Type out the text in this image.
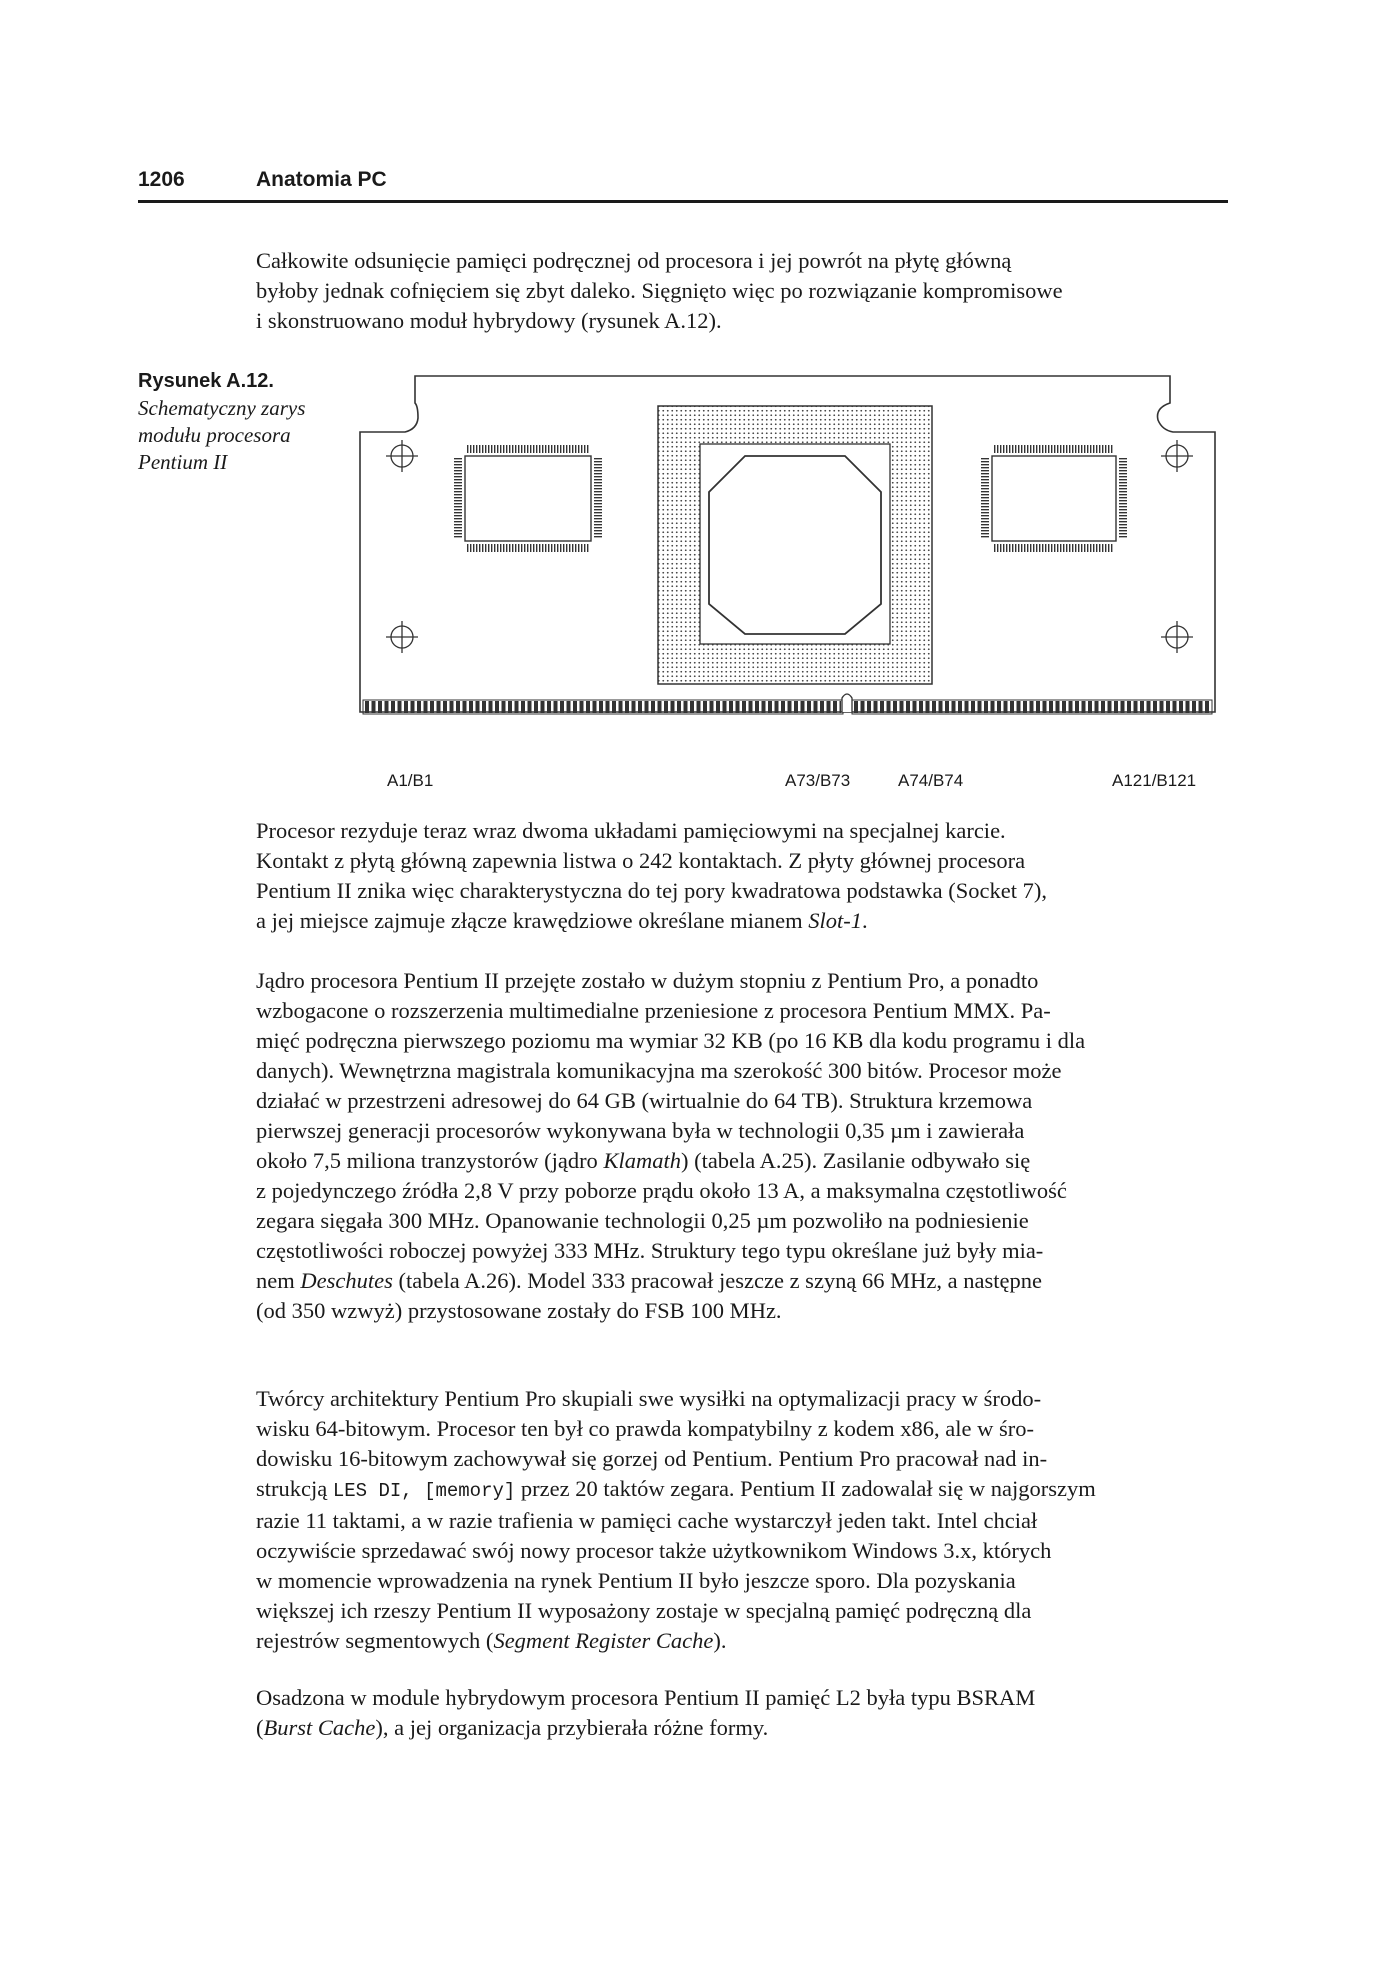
1206	Anatomia PC

Całkowite odsunięcie pamięci podręcznej od procesora i jej powrót na płytę główną

byłoby jednak cofnięciem się zbyt daleko. Sięgnięto więc po rozwiązanie kompromisowe

i skonstruowano moduł hybrydowy (rysunek A.12).

Rysunek A.12.
Schematyczny zarys
modułu procesora
Pentium II
A1/B1	A73/B73	A74/B74	A121/B121

Procesor rezyduje teraz wraz dwoma układami pamięciowymi na specjalnej karcie.

Kontakt z płytą główną zapewnia listwa o 242 kontaktach. Z płyty głównej procesora

Pentium II znika więc charakterystyczna do tej pory kwadratowa podstawka (Socket 7),

a jej miejsce zajmuje złącze krawędziowe określane mianem Slot-1.

Jądro procesora Pentium II przejęte zostało w dużym stopniu z Pentium Pro, a ponadto

wzbogacone o rozszerzenia multimedialne przeniesione z procesora Pentium MMX. Pa-

mięć podręczna pierwszego poziomu ma wymiar 32 KB (po 16 KB dla kodu programu i dla

danych). Wewnętrzna magistrala komunikacyjna ma szerokość 300 bitów. Procesor może

działać w przestrzeni adresowej do 64 GB (wirtualnie do 64 TB). Struktura krzemowa

pierwszej generacji procesorów wykonywana była w technologii 0,35 µm i zawierała

około 7,5 miliona tranzystorów (jądro Klamath) (tabela A.25). Zasilanie odbywało się

z pojedynczego źródła 2,8 V przy poborze prądu około 13 A, a maksymalna częstotliwość

zegara sięgała 300 MHz. Opanowanie technologii 0,25 µm pozwoliło na podniesienie

częstotliwości roboczej powyżej 333 MHz. Struktury tego typu określane już były mia-

nem Deschutes (tabela A.26). Model 333 pracował jeszcze z szyną 66 MHz, a następne

(od 350 wzwyż) przystosowane zostały do FSB 100 MHz.

Twórcy architektury Pentium Pro skupiali swe wysiłki na optymalizacji pracy w środo-

wisku 64-bitowym. Procesor ten był co prawda kompatybilny z kodem x86, ale w śro-

dowisku 16-bitowym zachowywał się gorzej od Pentium. Pentium Pro pracował nad in-

strukcją LES DI, [memory] przez 20 taktów zegara. Pentium II zadowalał się w najgorszym

razie 11 taktami, a w razie trafienia w pamięci cache wystarczył jeden takt. Intel chciał

oczywiście sprzedawać swój nowy procesor także użytkownikom Windows 3.x, których

w momencie wprowadzenia na rynek Pentium II było jeszcze sporo. Dla pozyskania

większej ich rzeszy Pentium II wyposażony zostaje w specjalną pamięć podręczną dla

rejestrów segmentowych (Segment Register Cache).

Osadzona w module hybrydowym procesora Pentium II pamięć L2 była typu BSRAM

(Burst Cache), a jej organizacja przybierała różne formy.
